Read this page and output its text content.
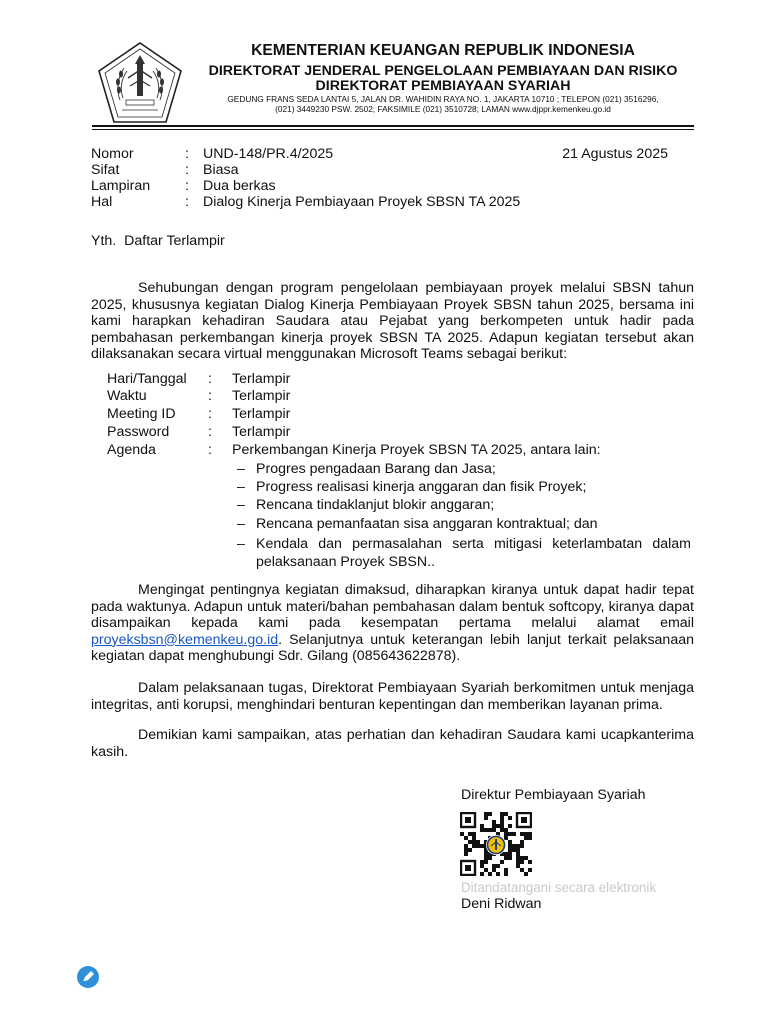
KEMENTERIAN KEUANGAN REPUBLIK INDONESIA
DIREKTORAT JENDERAL PENGELOLAAN PEMBIAYAAN DAN RISIKO
DIREKTORAT PEMBIAYAAN SYARIAH
GEDUNG FRANS SEDA LANTAI 5, JALAN DR. WAHIDIN RAYA NO. 1, JAKARTA 10710 ; TELEPON (021) 3516296,
(021) 3449230 PSW. 2502; FAKSIMILE (021) 3510728; LAMAN www.djppr.kemenkeu.go.id
Nomor	: UND-148/PR.4/2025
Sifat	: Biasa
Lampiran : Dua berkas
Hal	: Dialog Kinerja Pembiayaan Proyek SBSN TA 2025
21 Agustus 2025
Yth.  Daftar Terlampir

Sehubungan dengan program pengelolaan pembiayaan proyek melalui SBSN tahun 2025, khususnya kegiatan Dialog Kinerja Pembiayaan Proyek SBSN tahun 2025, bersama ini kami harapkan kehadiran Saudara atau Pejabat yang berkompeten untuk hadir pada pembahasan perkembangan kinerja proyek SBSN TA 2025. Adapun kegiatan tersebut akan dilaksanakan secara virtual menggunakan Microsoft Teams sebagai berikut:

Hari/Tanggal : Terlampir
Waktu	: Terlampir
Meeting ID : Terlampir
Password	: Terlampir
Agenda	: Perkembangan Kinerja Proyek SBSN TA 2025, antara lain:
– Progres pengadaan Barang dan Jasa;
– Progress realisasi kinerja anggaran dan fisik Proyek;
– Rencana tindaklanjut blokir anggaran;
– Rencana pemanfaatan sisa anggaran kontraktual; dan
– Kendala dan permasalahan serta mitigasi keterlambatan dalam pelaksanaan Proyek SBSN..

Mengingat pentingnya kegiatan dimaksud, diharapkan kiranya untuk dapat hadir tepat pada waktunya. Adapun untuk materi/bahan pembahasan dalam bentuk softcopy, kiranya dapat disampaikan kepada kami pada kesempatan pertama melalui alamat email proyeksbsn@kemenkeu.go.id. Selanjutnya untuk keterangan lebih lanjut terkait pelaksanaan kegiatan dapat menghubungi Sdr. Gilang (085643622878).

Dalam pelaksanaan tugas, Direktorat Pembiayaan Syariah berkomitmen untuk menjaga integritas, anti korupsi, menghindari benturan kepentingan dan memberikan layanan prima.

Demikian kami sampaikan, atas perhatian dan kehadiran Saudara kami ucapkanterima kasih.

Direktur Pembiayaan Syariah
Ditandatangani secara elektronik
Deni Ridwan
